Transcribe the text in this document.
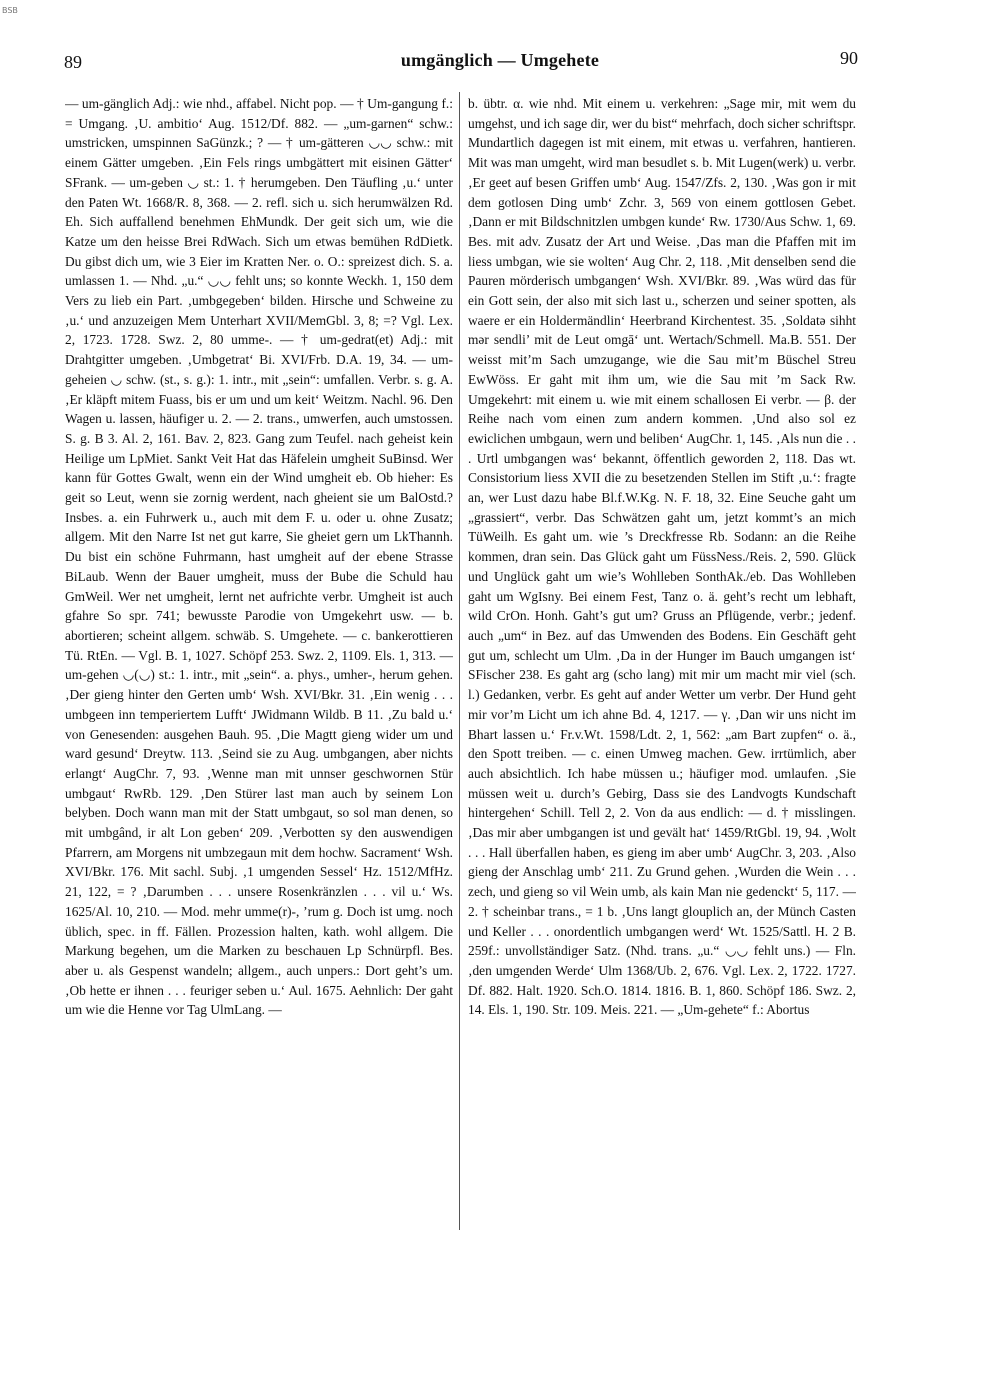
BSB
89	umgänglich — Umgehete	90

— um-gänglich Adj.: wie nhd., affabel. Nicht pop. — † Um-gangung f.: = Umgang. ‚U. ambitio‘ Aug. 1512/Df. 882. — „um-garnen“ schw.: umstricken, umspinnen SaGünzk.; ? — † um-gätteren ◡◡ schw.: mit einem Gätter umgeben. ‚Ein Fels rings umbgättert mit eisinen Gätter‘ SFrank. — um-geben ◡ st.: 1. † herumgeben. Den Täufling ‚u.‘ unter den Paten Wt. 1668/R. 8, 368. — 2. refl. sich u. sich herumwälzen Rd. Eh. Sich auffallend benehmen EhMundk. Der geit sich um, wie die Katze um den heisse Brei RdWach. Sich um etwas bemühen RdDietk. Du gibst dich um, wie 3 Eier im Kratten Ner. o. O.: spreizest dich. S. a. umlassen 1. — Nhd. „u.“ ◡◡ fehlt uns; so konnte Weckh. 1, 150 dem Vers zu lieb ein Part. ‚umbgegeben‘ bilden. Hirsche und Schweine zu ‚u.‘ und anzuzeigen Mem Unterhart XVII/MemGbl. 3, 8; =? Vgl. Lex. 2, 1723. 1728. Swz. 2, 80 umme-. — † um-gedrat(et) Adj.: mit Drahtgitter umgeben. ‚Umbgetrat‘ Bi. XVI/Frb. D.A. 19, 34. — um-geheien ◡ schw. (st., s. g.): 1. intr., mit „sein“: umfallen. Verbr. s. g. A. ‚Er kläpft mitem Fuass, bis er um und um keit‘ Weitzm. Nachl. 96. Den Wagen u. lassen, häufiger u. 2. — 2. trans., umwerfen, auch umstossen. S. g. B 3. Al. 2, 161. Bav. 2, 823. Gang zum Teufel. nach geheist kein Heilige um LpMiet. Sankt Veit Hat das Häfelein umgheit SuBinsd. Wer kann für Gottes Gwalt, wenn ein der Wind umgheit eb. Ob hieher: Es geit so Leut, wenn sie zornig werdent, nach gheient sie um BalOstd.? Insbes. a. ein Fuhrwerk u., auch mit dem F. u. oder u. ohne Zusatz; allgem. Mit den Narre Ist net gut karre, Sie gheiet gern um LkThannh. Du bist ein schöne Fuhrmann, hast umgheit auf der ebene Strasse BiLaub. Wenn der Bauer umgheit, muss der Bube die Schuld hau GmWeil. Wer net umgheit, lernt net aufrichte verbr. Umgheit ist auch gfahre So spr. 741; bewusste Parodie von Umgekehrt usw. — b. abortieren; scheint allgem. schwäb. S. Umgehete. — c. bankerottieren Tü. RtEn. — Vgl. B. 1, 1027. Schöpf 253. Swz. 2, 1109. Els. 1, 313. — um-gehen ◡(◡) st.: 1. intr., mit „sein“. a. phys., umher-, herum gehen. ‚Der gieng hinter den Gerten umb‘ Wsh. XVI/Bkr. 31. ‚Ein wenig . . . umbgeen inn temperiertem Lufft‘ JWidmann Wildb. B 11. ‚Zu bald u.‘ von Genesenden: ausgehen Bauh. 95. ‚Die Magtt gieng wider um und ward gesund‘ Dreytw. 113. ‚Seind sie zu Aug. umbgangen, aber nichts erlangt‘ AugChr. 7, 93. ‚Wenne man mit unnser geschwornen Stür umbgaut‘ RwRb. 129. ‚Den Stürer last man auch by seinem Lon belyben. Doch wann man mit der Statt umbgaut, so sol man denen, so mit umbgând, ir alt Lon geben‘ 209. ‚Verbotten sy den auswendigen Pfarrern, am Morgens nit umbzegaun mit dem hochw. Sacrament‘ Wsh. XVI/Bkr. 176. Mit sachl. Subj. ‚1 umgenden Sessel‘ Hz. 1512/MfHz. 21, 122, = ? ‚Darumben . . . unsere Rosenkränzlen . . . vil u.‘ Ws. 1625/Al. 10, 210. — Mod. mehr umme(r)-, ’rum g. Doch ist umg. noch üblich, spec. in ff. Fällen. Prozession halten, kath. wohl allgem. Die Markung begehen, um die Marken zu beschauen Lp Schnürpfl. Bes. aber u. als Gespenst wandeln; allgem., auch unpers.: Dort geht’s um. ‚Ob hette er ihnen . . . feuriger seben u.‘ Aul. 1675. Aehnlich: Der gaht um wie die Henne vor Tag UlmLang. —

b. übtr. α. wie nhd. Mit einem u. verkehren: „Sage mir, mit wem du umgehst, und ich sage dir, wer du bist“ mehrfach, doch sicher schriftspr. Mundartlich dagegen ist mit einem, mit etwas u. verfahren, hantieren. Mit was man umgeht, wird man besudlet s. b. Mit Lugen(werk) u. verbr. ‚Er geet auf besen Griffen umb‘ Aug. 1547/Zfs. 2, 130. ‚Was gon ir mit dem gotlosen Ding umb‘ Zchr. 3, 569 von einem gottlosen Gebet. ‚Dann er mit Bildschnitzlen umbgen kunde‘ Rw. 1730/Aus Schw. 1, 69. Bes. mit adv. Zusatz der Art und Weise. ‚Das man die Pfaffen mit im liess umbgan, wie sie wolten‘ Aug Chr. 2, 118. ‚Mit denselben send die Pauren mörderisch umbgangen‘ Wsh. XVI/Bkr. 89. ‚Was würd das für ein Gott sein, der also mit sich last u., scherzen und seiner spotten, als waere er ein Holdermändlin‘ Heerbrand Kirchentest. 35. ‚Soldatə sihht mər sendli’ mit de Leut omgā‘ unt. Wertach/Schmell. Ma.B. 551. Der weisst mit’m Sach umzugange, wie die Sau mit’m Büschel Streu EwWöss. Er gaht mit ihm um, wie die Sau mit ’m Sack Rw. Umgekehrt: mit einem u. wie mit einem schallosen Ei verbr. — β. der Reihe nach vom einen zum andern kommen. ‚Und also sol ez ewiclichen umbgaun, wern und beliben‘ AugChr. 1, 145. ‚Als nun die . . . Urtl umbgangen was‘ bekannt, öffentlich geworden 2, 118. Das wt. Consistorium liess XVII die zu besetzenden Stellen im Stift ‚u.‘: fragte an, wer Lust dazu habe Bl.f.W.Kg. N. F. 18, 32. Eine Seuche gaht um „grassiert“, verbr. Das Schwätzen gaht um, jetzt kommt’s an mich TüWeilh. Es gaht um. wie ’s Dreckfresse Rb. Sodann: an die Reihe kommen, dran sein. Das Glück gaht um FüssNess./Reis. 2, 590. Glück und Unglück gaht um wie’s Wohlleben SonthAk./eb. Das Wohlleben gaht um WgIsny. Bei einem Fest, Tanz o. ä. geht’s recht um lebhaft, wild CrOn. Honh. Gaht’s gut um? Gruss an Pflügende, verbr.; jedenf. auch „um“ in Bez. auf das Umwenden des Bodens. Ein Geschäft geht gut um, schlecht um Ulm. ‚Da in der Hunger im Bauch umgangen ist‘ SFischer 238. Es gaht arg (scho lang) mit mir um macht mir viel (sch. l.) Gedanken, verbr. Es geht auf ander Wetter um verbr. Der Hund geht mir vor’m Licht um ich ahne Bd. 4, 1217. — γ. ‚Dan wir uns nicht im Bhart lassen u.‘ Fr.v.Wt. 1598/Ldt. 2, 1, 562: „am Bart zupfen“ o. ä., den Spott treiben. — c. einen Umweg machen. Gew. irrtümlich, aber auch absichtlich. Ich habe müssen u.; häufiger mod. umlaufen. ‚Sie müssen weit u. durch’s Gebirg, Dass sie des Landvogts Kundschaft hintergehen‘ Schill. Tell 2, 2. Von da aus endlich: — d. † misslingen. ‚Das mir aber umbgangen ist und gevält hat‘ 1459/RtGbl. 19, 94. ‚Wolt . . . Hall überfallen haben, es gieng im aber umb‘ AugChr. 3, 203. ‚Also gieng der Anschlag umb‘ 211. Zu Grund gehen. ‚Wurden die Wein . . . zech, und gieng so vil Wein umb, als kain Man nie gedenckt‘ 5, 117. — 2. † scheinbar trans., = 1 b. ‚Uns langt glouplich an, der Münch Casten und Keller . . . onordentlich umbgangen werd‘ Wt. 1525/Sattl. H. 2 B. 259f.: unvollständiger Satz. (Nhd. trans. „u.“ ◡◡ fehlt uns.) — Fln. ‚den umgenden Werde‘ Ulm 1368/Ub. 2, 676. Vgl. Lex. 2, 1722. 1727. Df. 882. Halt. 1920. Sch.O. 1814. 1816. B. 1, 860. Schöpf 186. Swz. 2, 14. Els. 1, 190. Str. 109. Meis. 221. — „Um-gehete“ f.: Abortus
